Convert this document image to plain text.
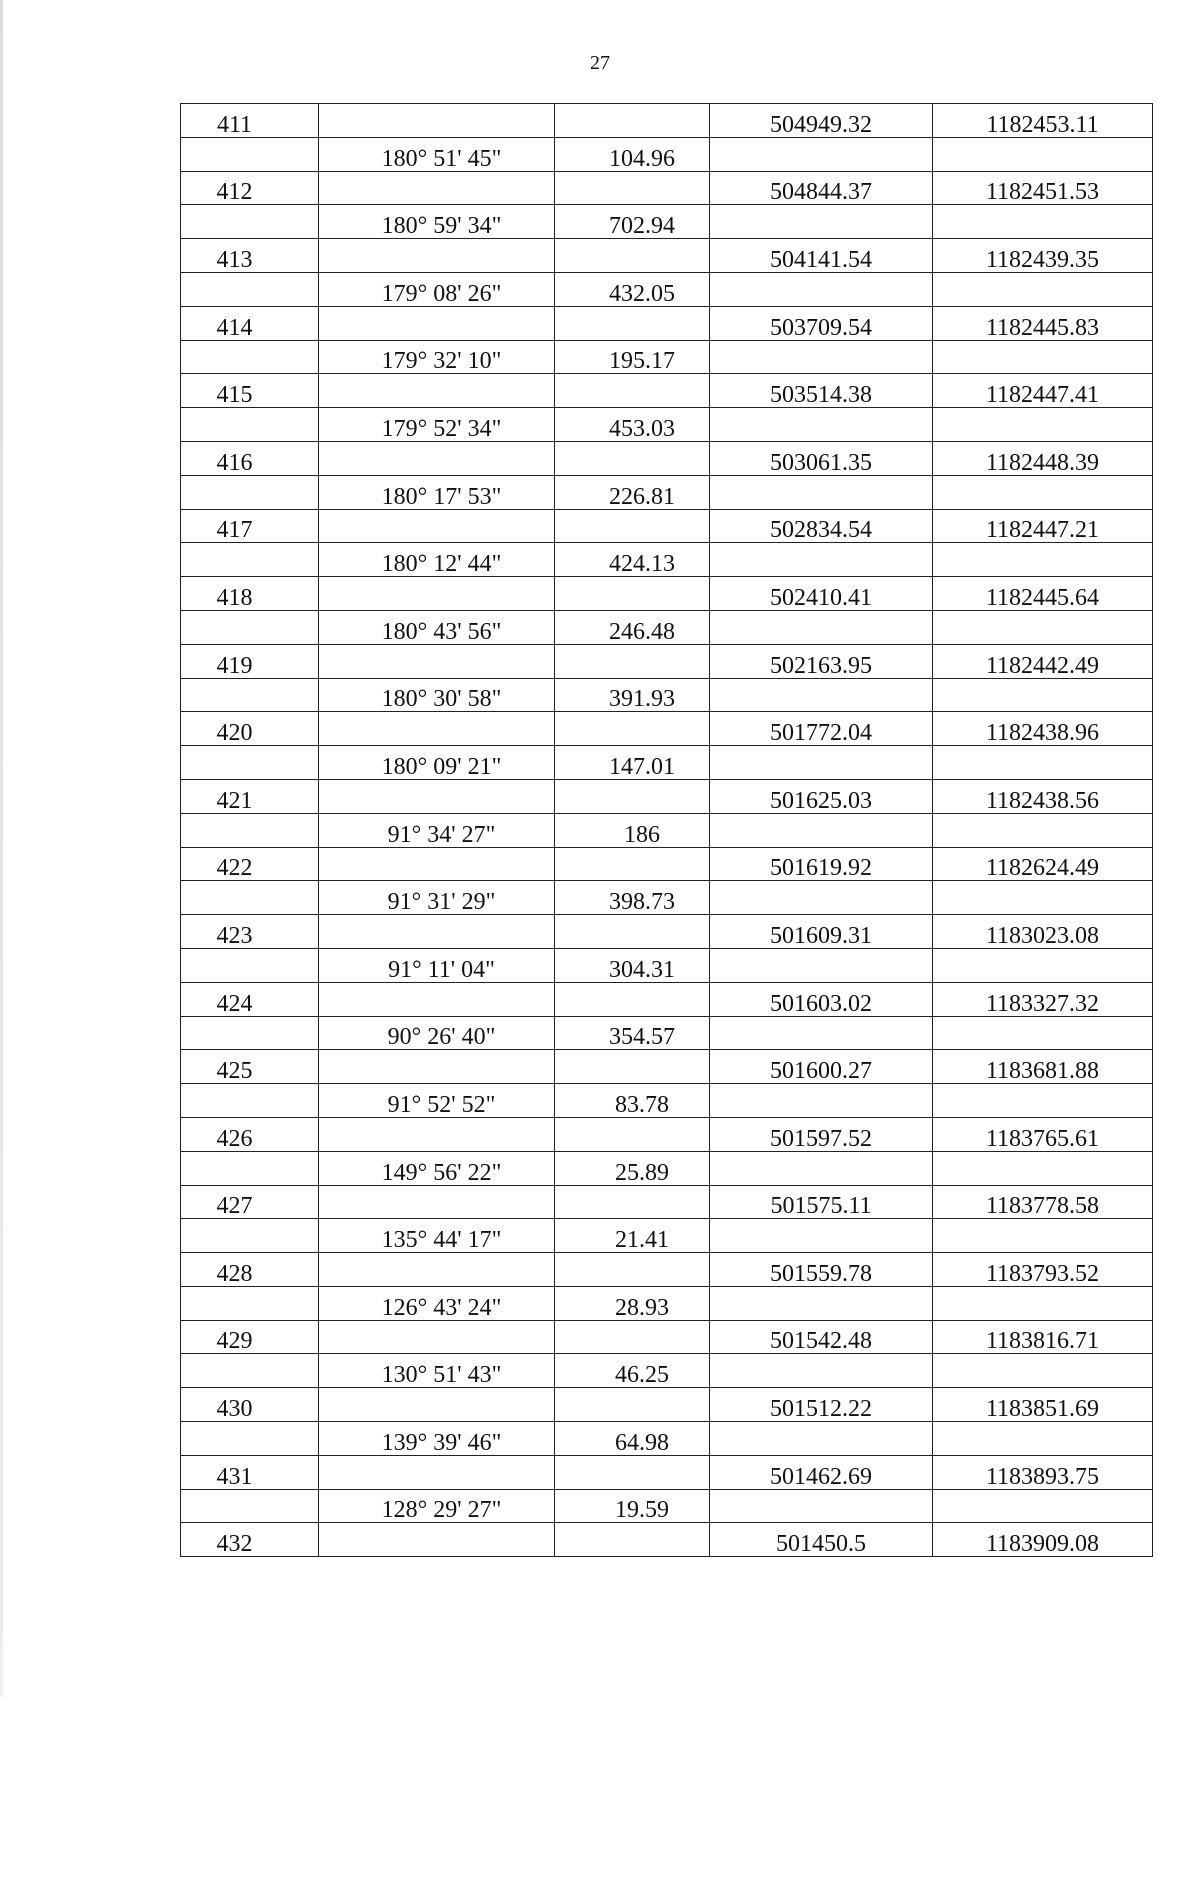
27
411			504949.32	1182453.11
	180° 51' 45"	104.96		
412			504844.37	1182451.53
	180° 59' 34"	702.94		
413			504141.54	1182439.35
	179° 08' 26"	432.05		
414			503709.54	1182445.83
	179° 32' 10"	195.17		
415			503514.38	1182447.41
	179° 52' 34"	453.03		
416			503061.35	1182448.39
	180° 17' 53"	226.81		
417			502834.54	1182447.21
	180° 12' 44"	424.13		
418			502410.41	1182445.64
	180° 43' 56"	246.48		
419			502163.95	1182442.49
	180° 30' 58"	391.93		
420			501772.04	1182438.96
	180° 09' 21"	147.01		
421			501625.03	1182438.56
	91° 34' 27"	186		
422			501619.92	1182624.49
	91° 31' 29"	398.73		
423			501609.31	1183023.08
	91° 11' 04"	304.31		
424			501603.02	1183327.32
	90° 26' 40"	354.57		
425			501600.27	1183681.88
	91° 52' 52"	83.78		
426			501597.52	1183765.61
	149° 56' 22"	25.89		
427			501575.11	1183778.58
	135° 44' 17"	21.41		
428			501559.78	1183793.52
	126° 43' 24"	28.93		
429			501542.48	1183816.71
	130° 51' 43"	46.25		
430			501512.22	1183851.69
	139° 39' 46"	64.98		
431			501462.69	1183893.75
	128° 29' 27"	19.59		
432			501450.5	1183909.08
